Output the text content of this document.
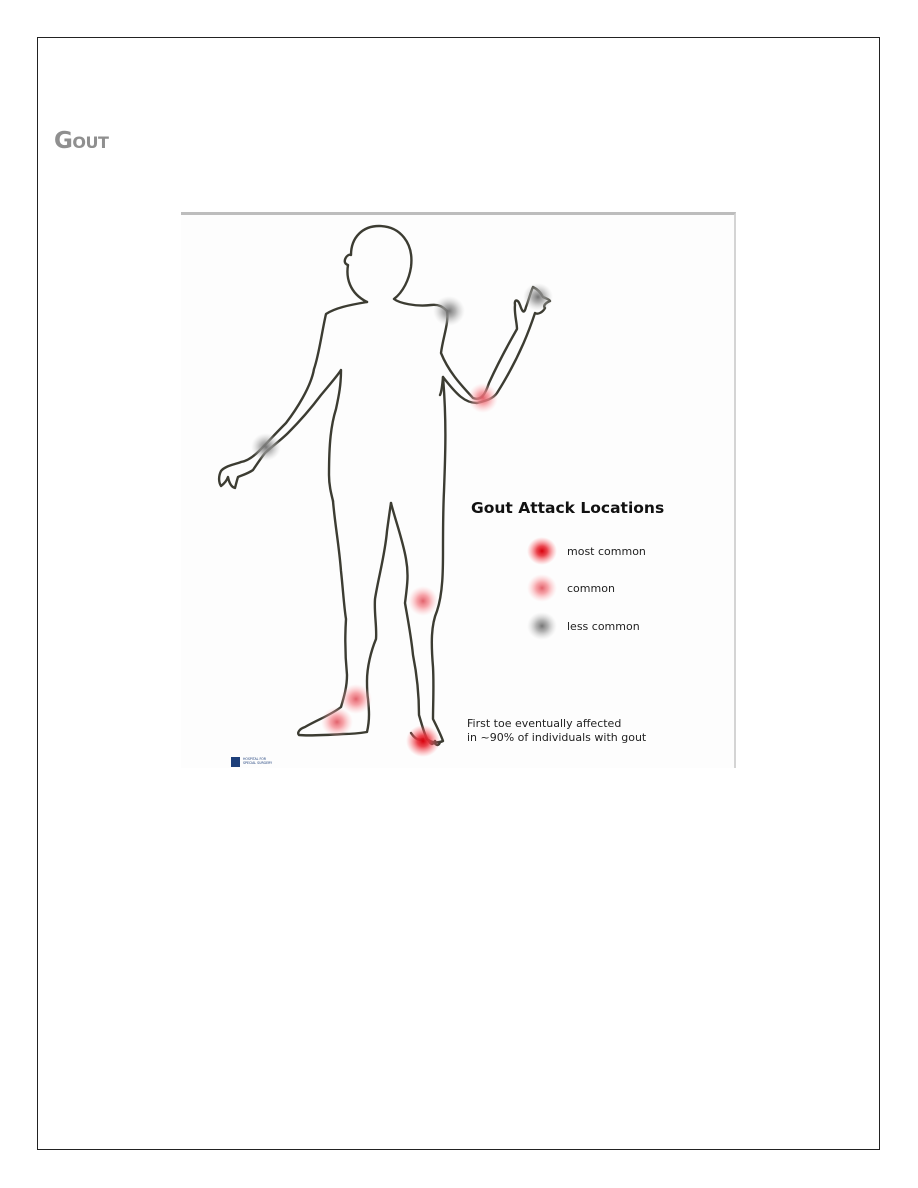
Gout
Gout Attack Locations
most common
common
less common
First toe eventually affected
in ~90% of individuals with gout
HOSPITAL FOR
SPECIAL SURGERY
